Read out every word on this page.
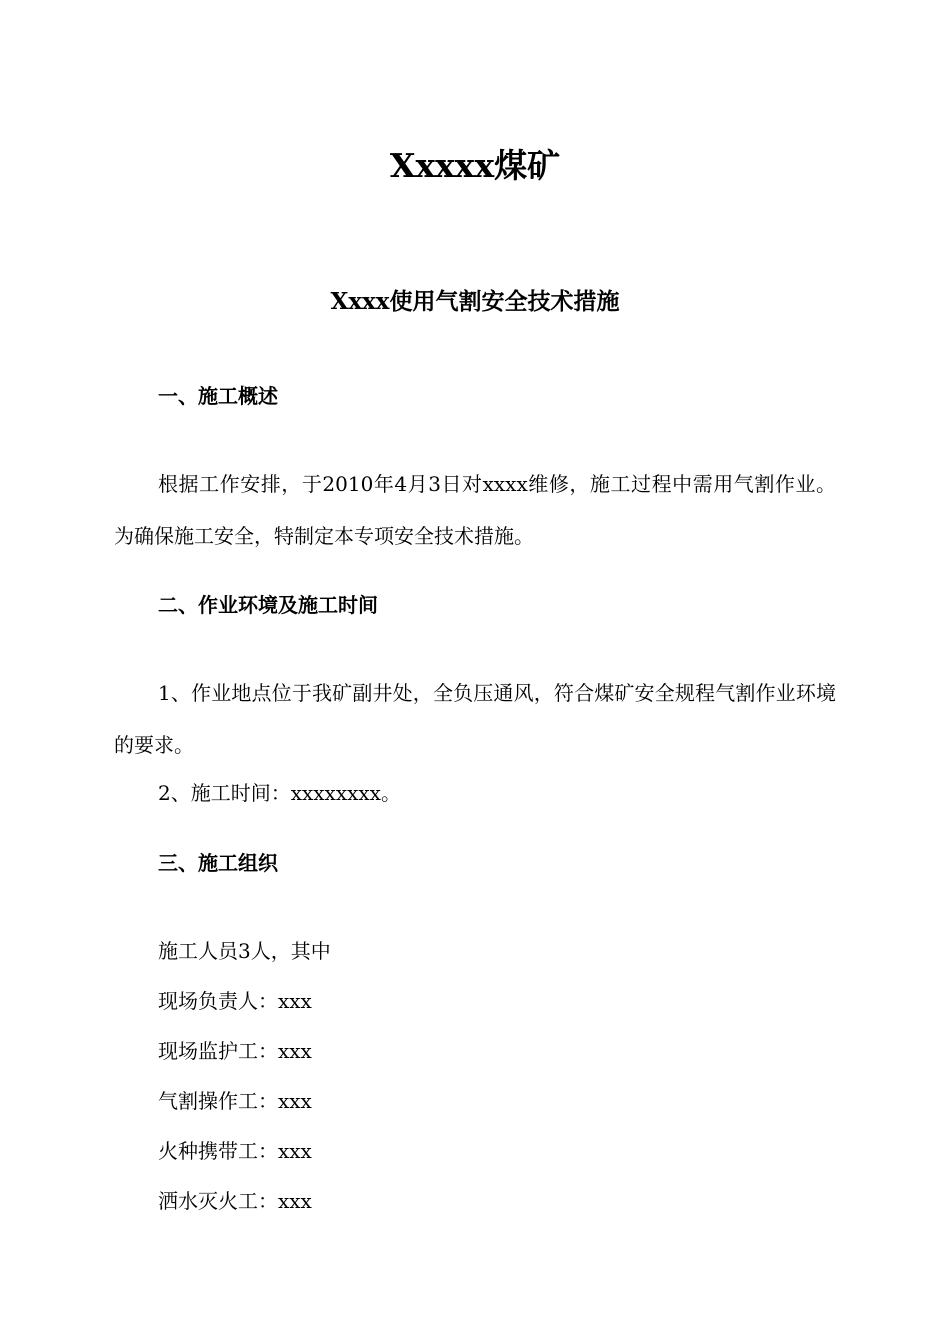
Xxxxx煤矿
Xxxx使用气割安全技术措施
一、施工概述
根据工作安排，于2010年4月3日对xxxx维修，施工过程中需用气割作业。为确保施工安全，特制定本专项安全技术措施。
二、作业环境及施工时间
1、作业地点位于我矿副井处，全负压通风，符合煤矿安全规程气割作业环境的要求。
2、施工时间：xxxxxxxx。
三、施工组织
施工人员3人，其中
现场负责人：xxx
现场监护工：xxx
气割操作工：xxx
火种携带工：xxx
洒水灭火工：xxx
